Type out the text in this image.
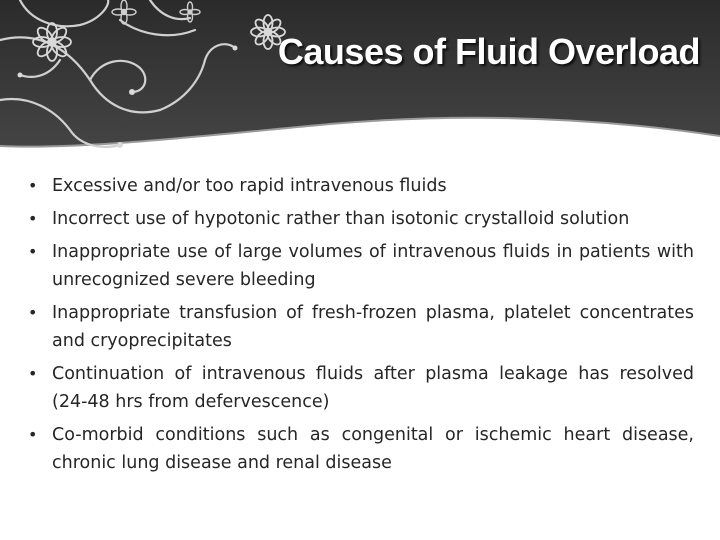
Causes of Fluid Overload
• Excessive and/or too rapid intravenous fluids
• Incorrect use of hypotonic rather than isotonic crystalloid solution
• Inappropriate use of large volumes of intravenous fluids in patients with unrecognized severe bleeding
• Inappropriate transfusion of fresh-frozen plasma, platelet concentrates and cryoprecipitates
• Continuation of intravenous fluids after plasma leakage has resolved (24-48 hrs from defervescence)
• Co-morbid conditions such as congenital or ischemic heart disease, chronic lung disease and renal disease
